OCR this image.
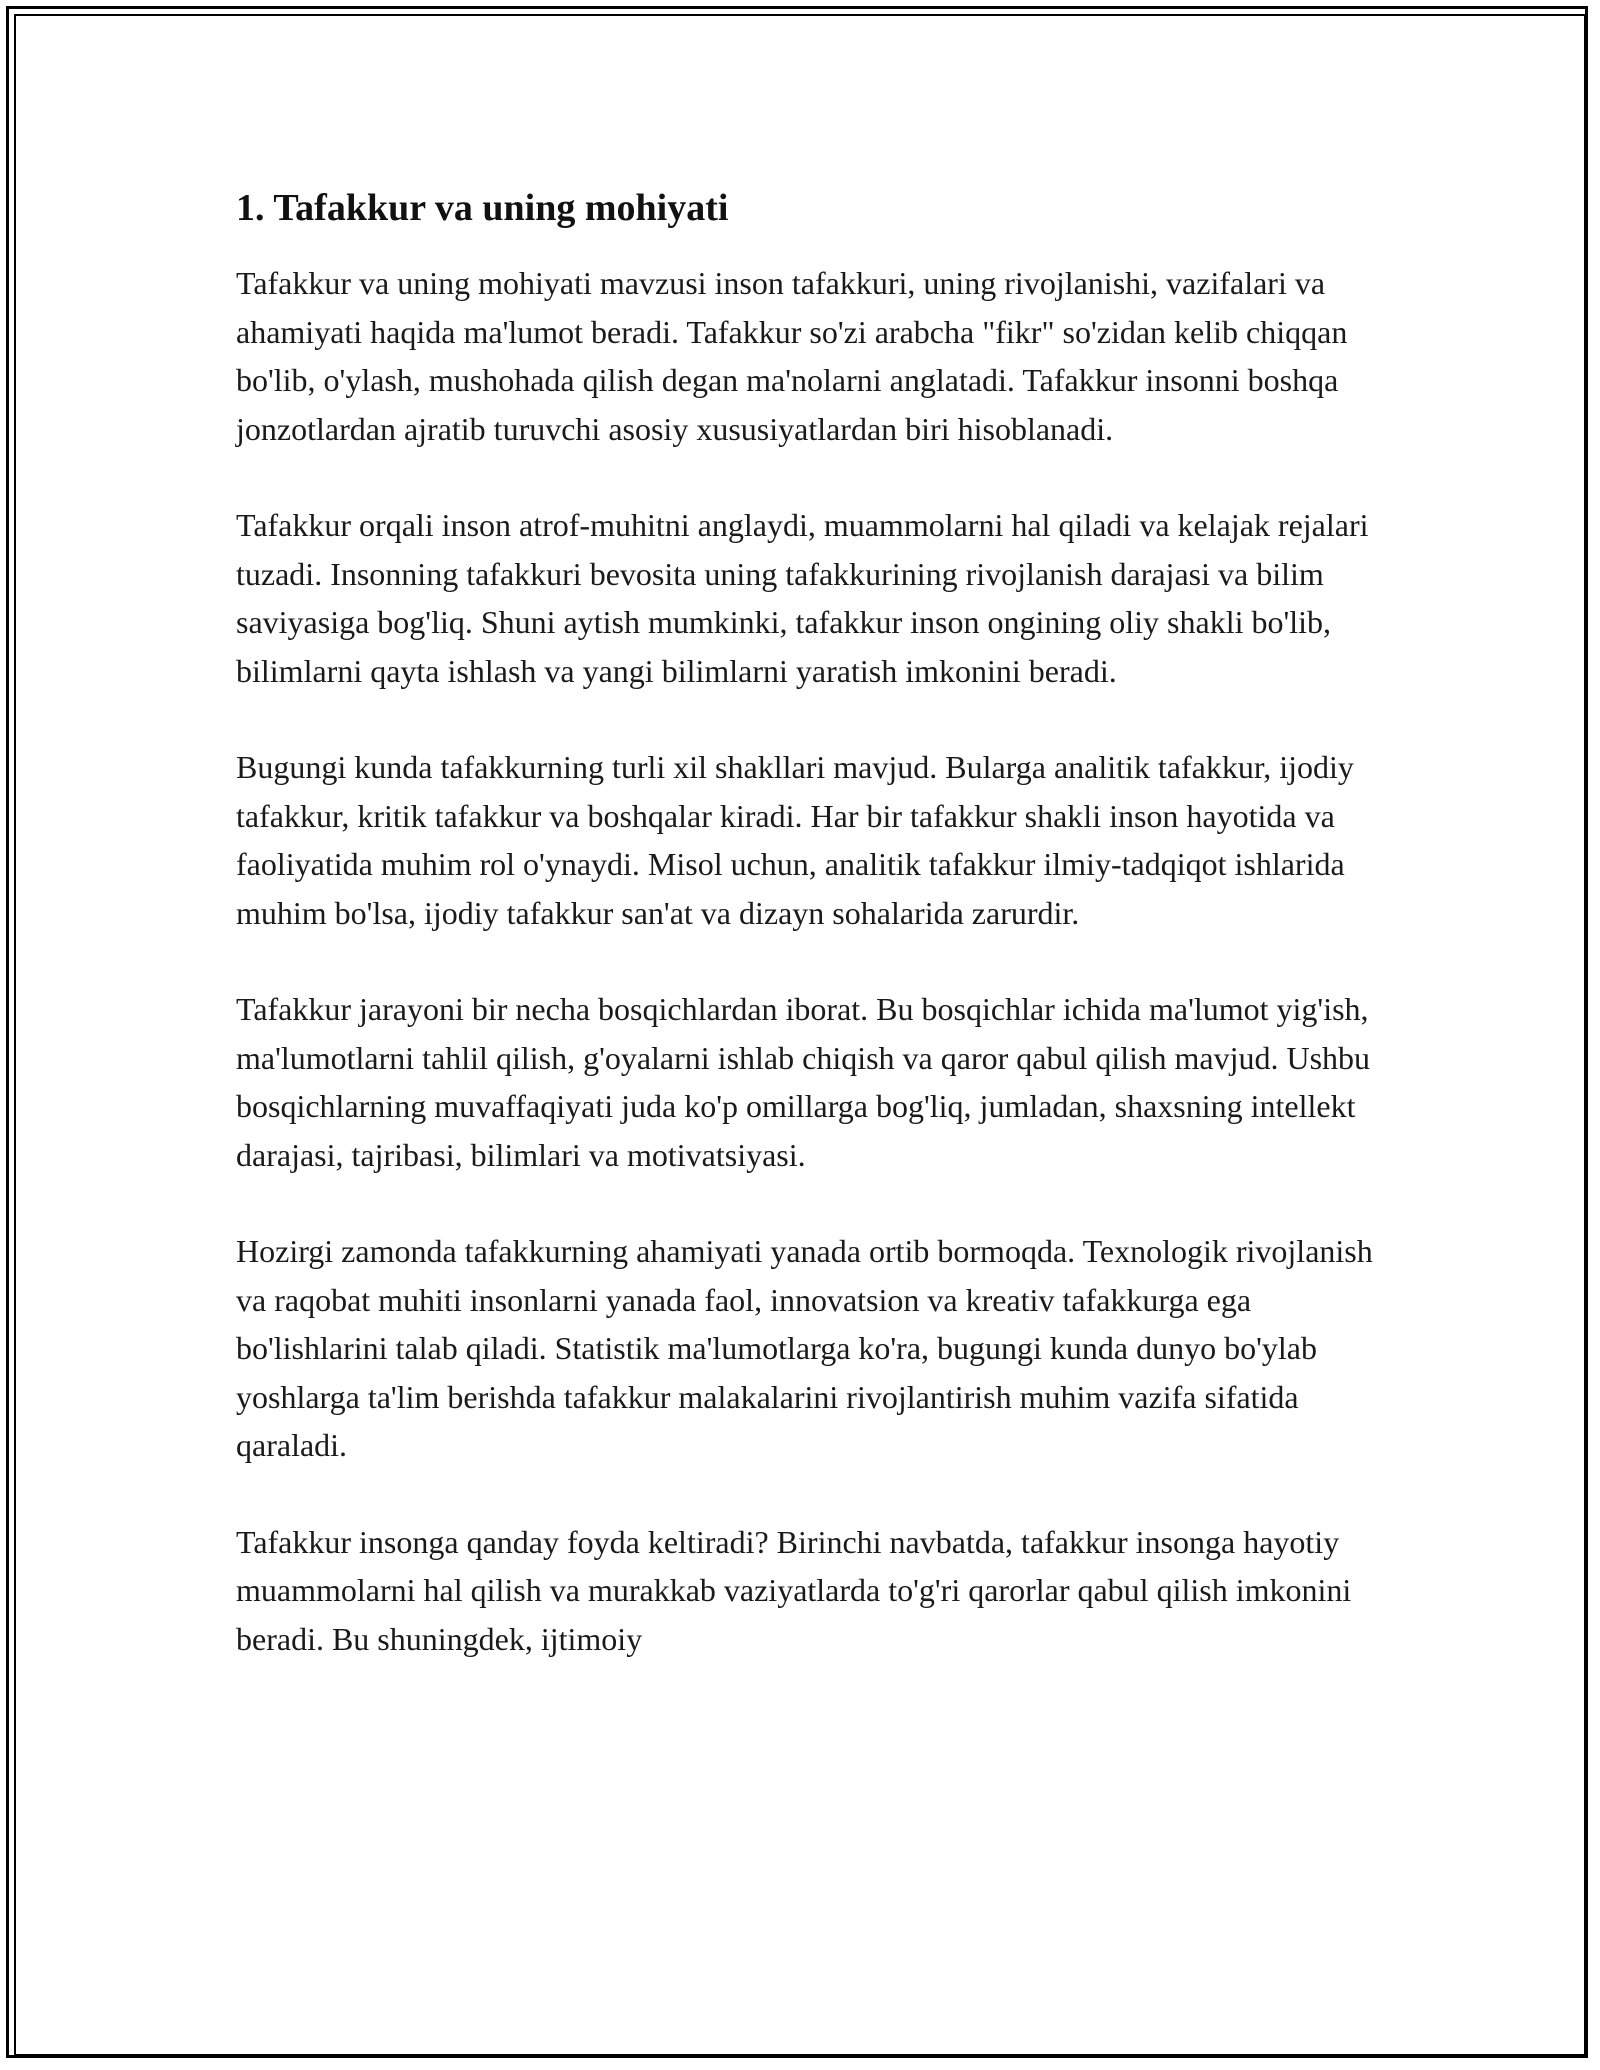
1. Tafakkur va uning mohiyati

Tafakkur va uning mohiyati mavzusi inson tafakkuri, uning rivojlanishi, vazifalari va ahamiyati haqida ma'lumot beradi. Tafakkur so'zi arabcha "fikr" so'zidan kelib chiqqan bo'lib, o'ylash, mushohada qilish degan ma'nolarni anglatadi. Tafakkur insonni boshqa jonzotlardan ajratib turuvchi asosiy xususiyatlardan biri hisoblanadi.

Tafakkur orqali inson atrof-muhitni anglaydi, muammolarni hal qiladi va kelajak rejalari tuzadi. Insonning tafakkuri bevosita uning tafakkurining rivojlanish darajasi va bilim saviyasiga bog'liq. Shuni aytish mumkinki, tafakkur inson ongining oliy shakli bo'lib, bilimlarni qayta ishlash va yangi bilimlarni yaratish imkonini beradi.

Bugungi kunda tafakkurning turli xil shakllari mavjud. Bularga analitik tafakkur, ijodiy tafakkur, kritik tafakkur va boshqalar kiradi. Har bir tafakkur shakli inson hayotida va faoliyatida muhim rol o'ynaydi. Misol uchun, analitik tafakkur ilmiy-tadqiqot ishlarida muhim bo'lsa, ijodiy tafakkur san'at va dizayn sohalarida zarurdir.

Tafakkur jarayoni bir necha bosqichlardan iborat. Bu bosqichlar ichida ma'lumot yig'ish, ma'lumotlarni tahlil qilish, g'oyalarni ishlab chiqish va qaror qabul qilish mavjud. Ushbu bosqichlarning muvaffaqiyati juda ko'p omillarga bog'liq, jumladan, shaxsning intellekt darajasi, tajribasi, bilimlari va motivatsiyasi.

Hozirgi zamonda tafakkurning ahamiyati yanada ortib bormoqda. Texnologik rivojlanish va raqobat muhiti insonlarni yanada faol, innovatsion va kreativ tafakkurga ega bo'lishlarini talab qiladi. Statistik ma'lumotlarga ko'ra, bugungi kunda dunyo bo'ylab yoshlarga ta'lim berishda tafakkur malakalarini rivojlantirish muhim vazifa sifatida qaraladi.

Tafakkur insonga qanday foyda keltiradi? Birinchi navbatda, tafakkur insonga hayotiy muammolarni hal qilish va murakkab vaziyatlarda to'g'ri qarorlar qabul qilish imkonini beradi. Bu shuningdek, ijtimoiy
